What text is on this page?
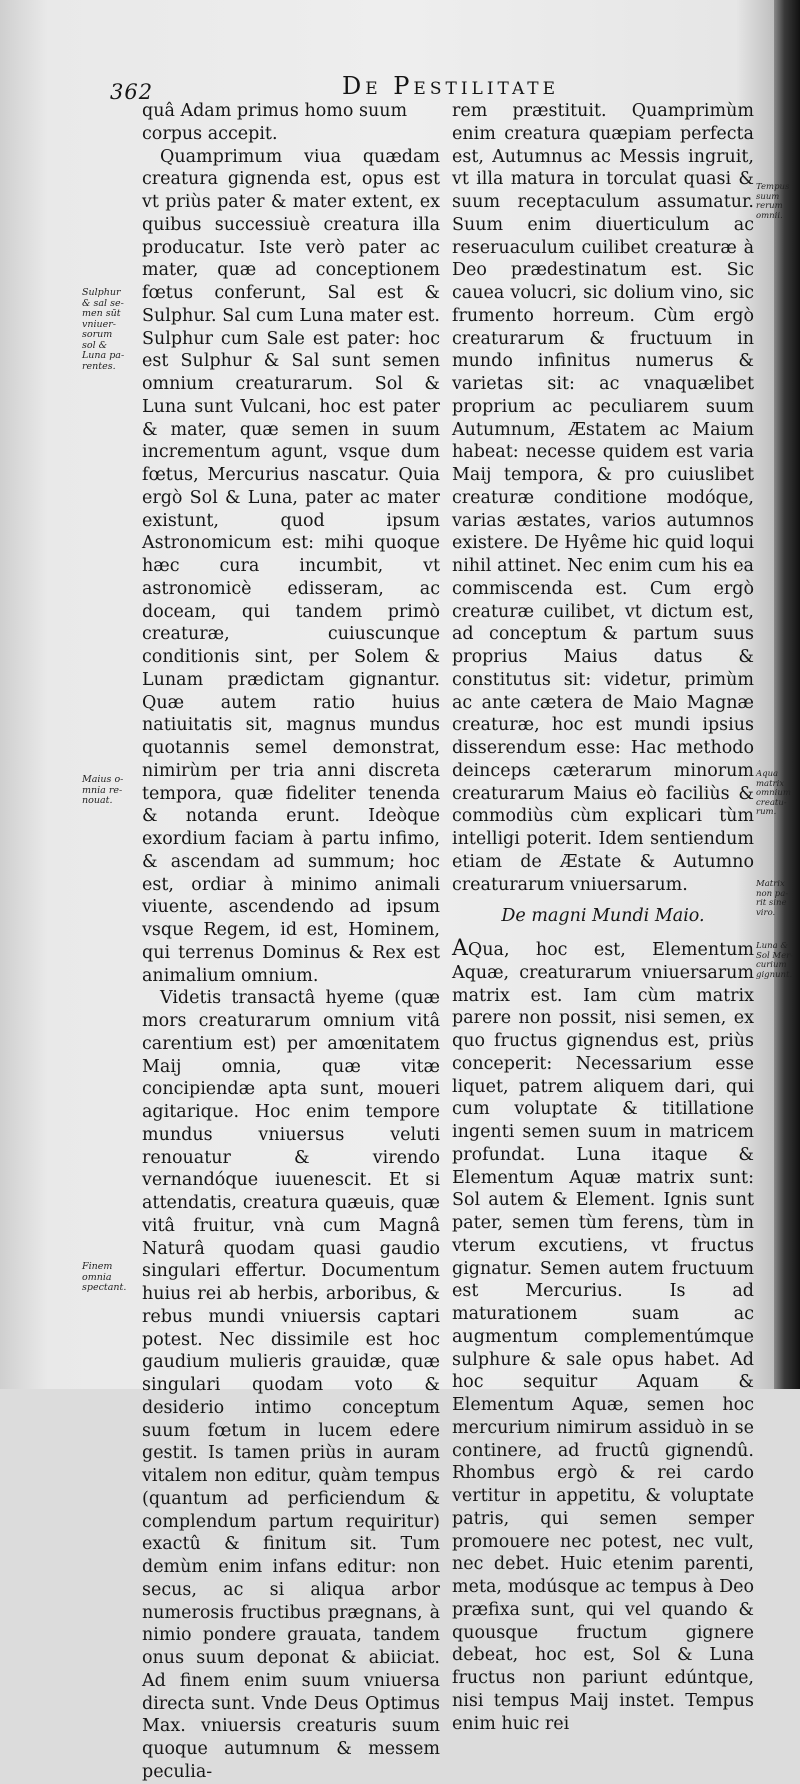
362	De Pestilitate

quâ Adam primus homo suum corpus accepit.

Quamprimum viua quædam creatura gignenda est, opus est vt priùs pater & mater extent, ex quibus successiuè creatura illa producatur. Iste verò pater ac mater, quæ ad conceptionem fœtus conferunt, Sal est & Sulphur. Sal cum Luna mater est. Sulphur cum Sale est pater: hoc est Sulphur & Sal sunt semen omnium creaturarum. Sol & Luna sunt Vulcani, hoc est pater & mater, quæ semen in suum incrementum agunt, vsque dum fœtus, Mercurius nascatur. Quia ergò Sol & Luna, pater ac mater existunt, quod ipsum Astronomicum est: mihi quoque hæc cura incumbit, vt astronomicè edisseram, ac doceam, qui tandem primò creaturæ, cuiuscunque conditionis sint, per Solem & Lunam prædictam gignantur. Quæ autem ratio huius natiuitatis sit, magnus mundus quotannis semel demonstrat, nimirùm per tria anni discreta tempora, quæ fideliter tenenda & notanda erunt. Ideòque exordium faciam à partu infimo, & ascendam ad summum; hoc est, ordiar à minimo animali viuente, ascendendo ad ipsum vsque Regem, id est, Hominem, qui terrenus Dominus & Rex est animalium omnium.

Videtis transactâ hyeme (quæ mors creaturarum omnium vitâ carentium est) per amœnitatem Maij omnia, quæ vitæ concipiendæ apta sunt, moueri agitarique. Hoc enim tempore mundus vniuersus veluti renouatur & virendo vernandóque iuuenescit. Et si attendatis, creatura quæuis, quæ vitâ fruitur, vnà cum Magnâ Naturâ quodam quasi gaudio singulari effertur. Documentum huius rei ab herbis, arboribus, & rebus mundi vniuersis captari potest. Nec dissimile est hoc gaudium mulieris grauidæ, quæ singulari quodam voto & desiderio intimo conceptum suum fœtum in lucem edere gestit. Is tamen priùs in auram vitalem non editur, quàm tempus (quantum ad perficiendum & complendum partum requiritur) exactû & finitum sit. Tum demùm enim infans editur: non secus, ac si aliqua arbor numerosis fructibus prægnans, à nimio pondere grauata, tandem onus suum deponat & abiiciat. Ad finem enim suum vniuersa directa sunt. Vnde Deus Optimus Max. vniuersis creaturis suum quoque autumnum & messem peculia-

rem præstituit. Quamprimùm enim creatura quæpiam perfecta est, Autumnus ac Messis ingruit, vt illa matura in torculat quasi & suum receptaculum assumatur. Suum enim diuerticulum ac reseruaculum cuilibet creaturæ à Deo prædestinatum est. Sic cauea volucri, sic dolium vino, sic frumento horreum. Cùm ergò creaturarum & fructuum in mundo infinitus numerus & varietas sit: ac vnaquælibet proprium ac peculiarem suum Autumnum, Æstatem ac Maium habeat: necesse quidem est varia Maij tempora, & pro cuiuslibet creaturæ conditione modóque, varias æstates, varios autumnos existere. De Hyême hic quid loqui nihil attinet. Nec enim cum his ea commiscenda est. Cum ergò creaturæ cuilibet, vt dictum est, ad conceptum & partum suus proprius Maius datus & constitutus sit: videtur, primùm ac ante cætera de Maio Magnæ creaturæ, hoc est mundi ipsius disserendum esse: Hac methodo deinceps cæterarum minorum creaturarum Maius eò faciliùs & commodiùs cùm explicari tùm intelligi poterit. Idem sentiendum etiam de Æstate & Autumno creaturarum vniuersarum.

De magni Mundi Maio.

AQua, hoc est, Elementum Aquæ, creaturarum vniuersarum matrix est. Iam cùm matrix parere non possit, nisi semen, ex quo fructus gignendus est, priùs conceperit: Necessarium esse liquet, patrem aliquem dari, qui cum voluptate & titillatione ingenti semen suum in matricem profundat. Luna itaque & Elementum Aquæ matrix sunt: Sol autem & Element. Ignis sunt pater, semen tùm ferens, tùm in vterum excutiens, vt fructus gignatur. Semen autem fructuum est Mercurius. Is ad maturationem suam ac augmentum complementúmque sulphure & sale opus habet. Ad hoc sequitur Aquam & Elementum Aquæ, semen hoc mercurium nimirum assiduò in se continere, ad fructû gignendû. Rhombus ergò & rei cardo vertitur in appetitu, & voluptate patris, qui semen semper promouere nec potest, nec vult, nec debet. Huic etenim parenti, meta, modúsque ac tempus à Deo præfixa sunt, qui vel quando & quousque fructum gignere debeat, hoc est, Sol & Luna fructus non pariunt edúntque, nisi tempus Maij instet. Tempus enim huic rei

Sulphur
& sal se-
men sūt
vniuer-
sorum
sol &
Luna pa-
rentes.
Maius o-
mnia re-
nouat.
Finem
omnia
spectant.
Tempus
suum
rerum
omnii.
Aqua
matrix
omnium
creatu-
rum.
Matrix
non pa-
rit sine
viro.
Luna &
Sol Mer-
curium
gignunt.
